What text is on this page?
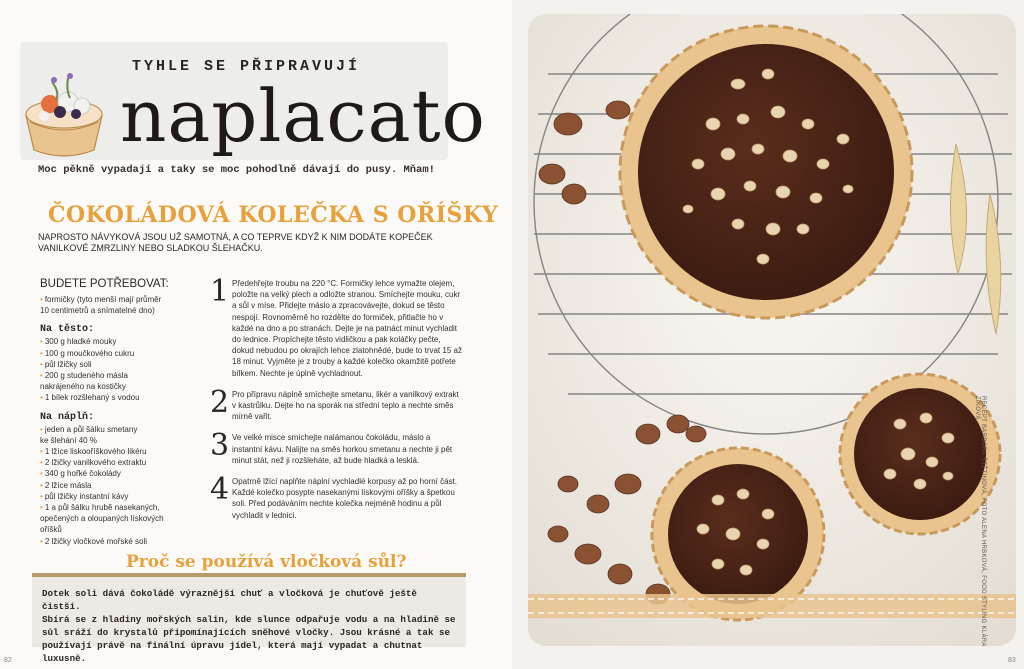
TYHLE SE PŘIPRAVUJÍ
naplacato
Moc pěkně vypadají a taky se moc pohodlně dávají do pusy. Mňam!
ČOKOLÁDOVÁ KOLEČKA S OŘÍŠKY
NAPROSTO NÁVYKOVÁ JSOU UŽ SAMOTNÁ, A CO TEPRVE KDYŽ K NIM DODÁTE KOPEČEK VANILKOVÉ ZMRZLINY NEBO SLADKOU ŠLEHAČKU.
BUDETE POTŘEBOVAT:
• formičky (tyto menší mají průměr
10 centimetrů a snímatelné dno)
Na těsto:
• 300 g hladké mouky
• 100 g moučkového cukru
• půl lžičky soli
• 200 g studeného másla
nakrájeného na kostičky
• 1 bílek rozšlehaný s vodou
Na náplň:
• jeden a půl šálku smetany
ke šlehání 40 %
• 1 lžíce liskooříškového likéru
• 2 lžičky vanilkového extraktu
• 340 g hořké čokolády
• 2 lžíce másla
• půl lžičky instantní kávy
• 1 a půl šálku hrubě nasekaných,
opečených a oloupaných lískových
oříšků
• 2 lžičky vločkové mořské soli
1 Předehřejte troubu na 220 °C. Formičky lehce vymažte olejem, položte na velký plech a odložte stranou. Smíchejte mouku, cukr a sůl v míse. Přidejte máslo a zpracovávejte, dokud se těsto nespojí. Rovnoměrně ho rozdělte do formiček, přitlačte ho v každé na dno a po stranách. Dejte je na patnáct minut vychladit do lednice. Propíchejte těsto vidličkou a pak koláčky pečte, dokud nebudou po okrajích lehce zlatohnědé, bude to trvat 15 až 18 minut. Vyjměte je z trouby a každé kolečko okamžitě potřete bílkem. Nechte je úplně vychladnout.
2 Pro přípravu náplně smíchejte smetanu, likér a vanilkový extrakt v kastrůlku. Dejte ho na sporák na střední teplo a nechte směs mírně vařit.
3 Ve velké misce smíchejte nalámanou čokoládu, máslo a instantní kávu. Nalijte na směs horkou smetanu a nechte ji pět minut stát, než ji rozšleháte, až bude hladká a lesklá.
4 Opatrně lžící naplňte náplní vychladlé korpusy až po horní část. Každé kolečko posypte nasekanými lískovými oříšky a špetkou soli. Před podáváním nechte kolečka nejméně hodinu a půl vychladit v lednici.
Proč se používá vločková sůl?
Dotek soli dává čokoládě výraznější chuť a vločková je chuťově ještě čistší.
Sbírá se z hladiny mořských salin, kde slunce odpařuje vodu a na hladině se
sůl sráží do krystalů připomínajících sněhové vločky. Jsou krásné a tak se
používají právě na finální úpravu jídel, která mají vypadat a chutnat luxusně.
82
RECEPT BARBORA ŠTĚTINOVÁ, FOTO ALENA HRBKOVÁ, FOOD STYLING KLÁRA ZÍKOVÁ
83
